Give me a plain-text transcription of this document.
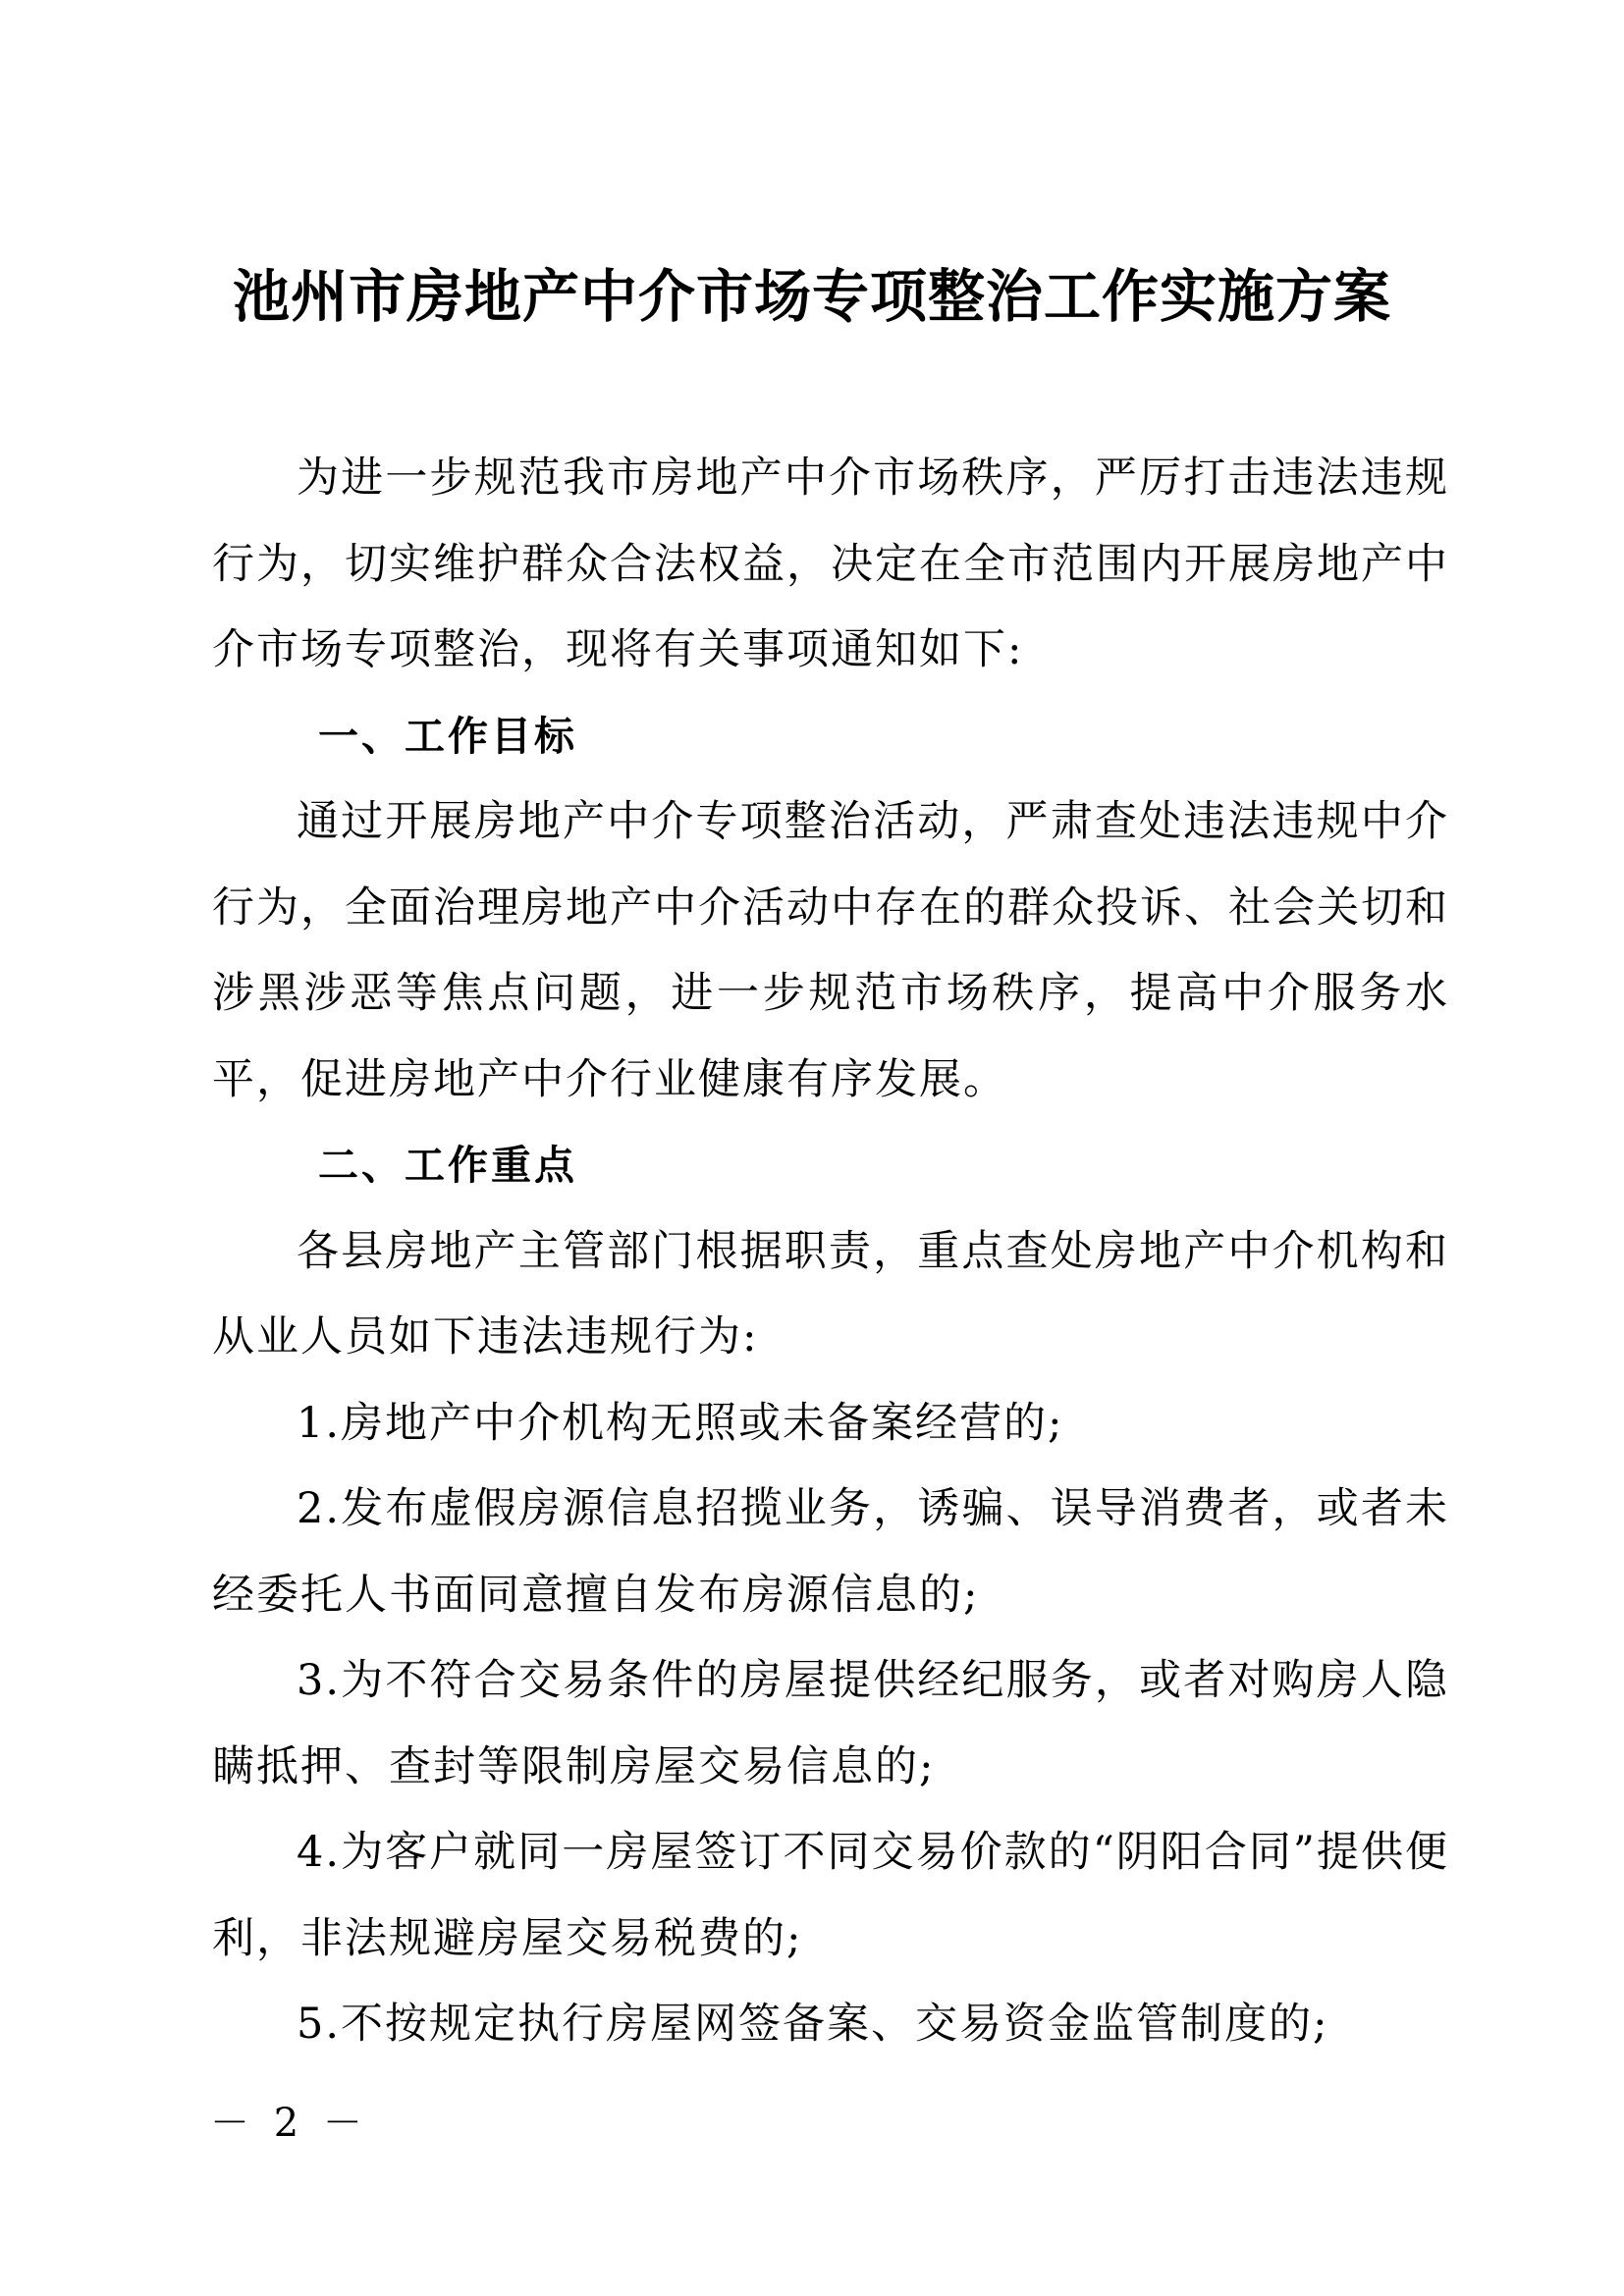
池州市房地产中介市场专项整治工作实施方案

为进一步规范我市房地产中介市场秩序，严厉打击违法违规行为，切实维护群众合法权益，决定在全市范围内开展房地产中介市场专项整治，现将有关事项通知如下:

一、工作目标

通过开展房地产中介专项整治活动，严肃查处违法违规中介行为，全面治理房地产中介活动中存在的群众投诉、社会关切和涉黑涉恶等焦点问题，进一步规范市场秩序，提高中介服务水平，促进房地产中介行业健康有序发展。

二、工作重点

各县房地产主管部门根据职责，重点查处房地产中介机构和从业人员如下违法违规行为:

1.房地产中介机构无照或未备案经营的;

2.发布虚假房源信息招揽业务，诱骗、误导消费者，或者未经委托人书面同意擅自发布房源信息的;

3.为不符合交易条件的房屋提供经纪服务，或者对购房人隐瞒抵押、查封等限制房屋交易信息的;

4.为客户就同一房屋签订不同交易价款的“阴阳合同”提供便利，非法规避房屋交易税费的;

5.不按规定执行房屋网签备案、交易资金监管制度的;

－ 2 －
